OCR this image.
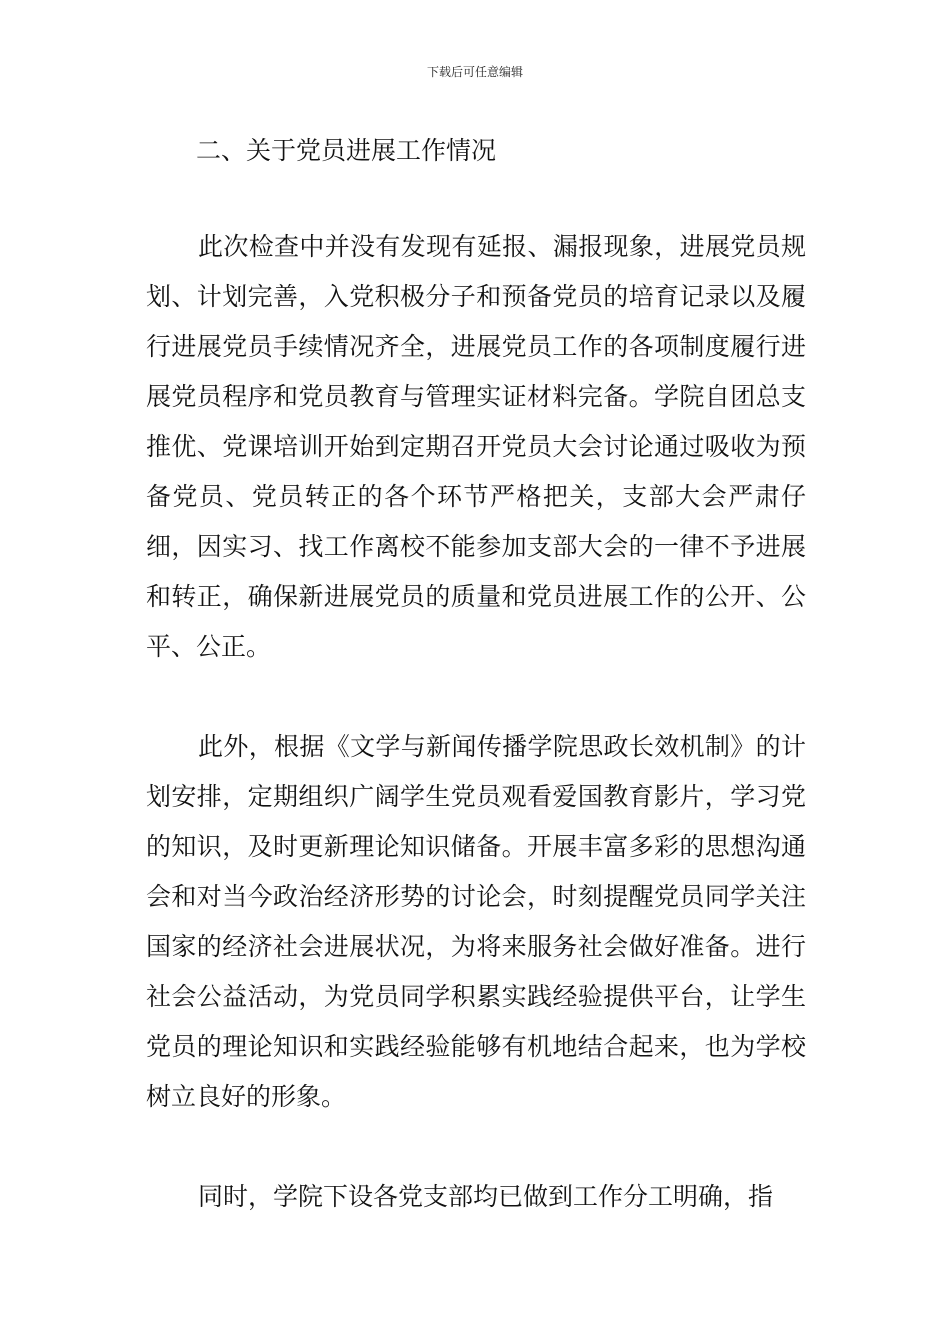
下载后可任意编辑
二、关于党员进展工作情况

此次检查中并没有发现有延报、漏报现象，进展党员规划、计划完善，入党积极分子和预备党员的培育记录以及履行进展党员手续情况齐全，进展党员工作的各项制度履行进展党员程序和党员教育与管理实证材料完备。学院自团总支推优、党课培训开始到定期召开党员大会讨论通过吸收为预备党员、党员转正的各个环节严格把关，支部大会严肃仔细，因实习、找工作离校不能参加支部大会的一律不予进展和转正，确保新进展党员的质量和党员进展工作的公开、公平、公正。

此外，根据《文学与新闻传播学院思政长效机制》的计划安排，定期组织广阔学生党员观看爱国教育影片，学习党的知识，及时更新理论知识储备。开展丰富多彩的思想沟通会和对当今政治经济形势的讨论会，时刻提醒党员同学关注国家的经济社会进展状况，为将来服务社会做好准备。进行社会公益活动，为党员同学积累实践经验提供平台，让学生党员的理论知识和实践经验能够有机地结合起来，也为学校树立良好的形象。

同时，学院下设各党支部均已做到工作分工明确，指
